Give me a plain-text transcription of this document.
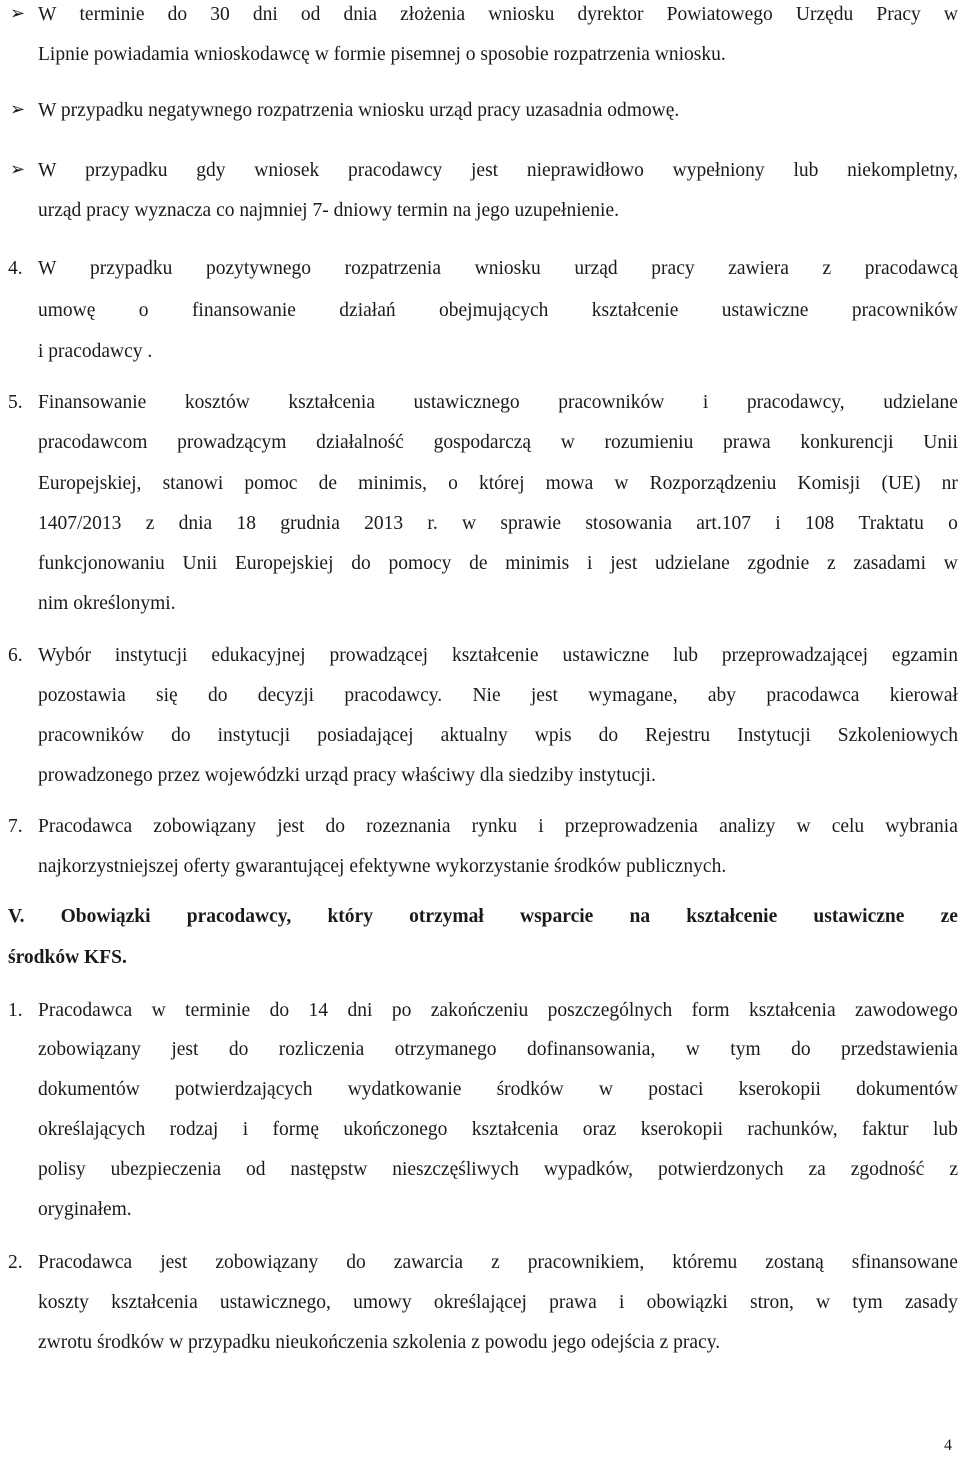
➢ W terminie do 30 dni od dnia złożenia wniosku dyrektor Powiatowego Urzędu Pracy w
Lipnie powiadamia wnioskodawcę w formie pisemnej o sposobie rozpatrzenia wniosku.
➢ W przypadku negatywnego rozpatrzenia wniosku urząd pracy uzasadnia odmowę.
➢ W przypadku gdy wniosek pracodawcy jest nieprawidłowo wypełniony lub niekompletny,
urząd pracy wyznacza co najmniej 7- dniowy termin na jego uzupełnienie.
4. W przypadku pozytywnego rozpatrzenia wniosku urząd pracy zawiera z pracodawcą
umowę o finansowanie działań obejmujących kształcenie ustawiczne pracowników
i pracodawcy .
5. Finansowanie kosztów kształcenia ustawicznego pracowników i pracodawcy, udzielane
pracodawcom prowadzącym działalność gospodarczą w rozumieniu prawa konkurencji Unii
Europejskiej, stanowi pomoc de minimis, o której mowa w Rozporządzeniu Komisji (UE) nr
1407/2013 z dnia 18 grudnia 2013 r. w sprawie stosowania art.107 i 108 Traktatu o
funkcjonowaniu Unii Europejskiej do pomocy de minimis i jest udzielane zgodnie z zasadami w
nim określonymi.
6. Wybór instytucji edukacyjnej prowadzącej kształcenie ustawiczne lub przeprowadzającej egzamin
pozostawia się do decyzji pracodawcy. Nie jest wymagane, aby pracodawca kierował
pracowników do instytucji posiadającej aktualny wpis do Rejestru Instytucji Szkoleniowych
prowadzonego przez wojewódzki urząd pracy właściwy dla siedziby instytucji.
7. Pracodawca zobowiązany jest do rozeznania rynku i przeprowadzenia analizy w celu wybrania
najkorzystniejszej oferty gwarantującej efektywne wykorzystanie środków publicznych.
V. Obowiązki pracodawcy, który otrzymał wsparcie na kształcenie ustawiczne ze
środków KFS.
1. Pracodawca w terminie do 14 dni po zakończeniu poszczególnych form kształcenia zawodowego
zobowiązany jest do rozliczenia otrzymanego dofinansowania, w tym do przedstawienia
dokumentów potwierdzających wydatkowanie środków w postaci kserokopii dokumentów
określających rodzaj i formę ukończonego kształcenia oraz kserokopii rachunków, faktur lub
polisy ubezpieczenia od następstw nieszczęśliwych wypadków, potwierdzonych za zgodność z
oryginałem.
2. Pracodawca jest zobowiązany do zawarcia z pracownikiem, któremu zostaną sfinansowane
koszty kształcenia ustawicznego, umowy określającej prawa i obowiązki stron, w tym zasady
zwrotu środków w przypadku nieukończenia szkolenia z powodu jego odejścia z pracy.
4
